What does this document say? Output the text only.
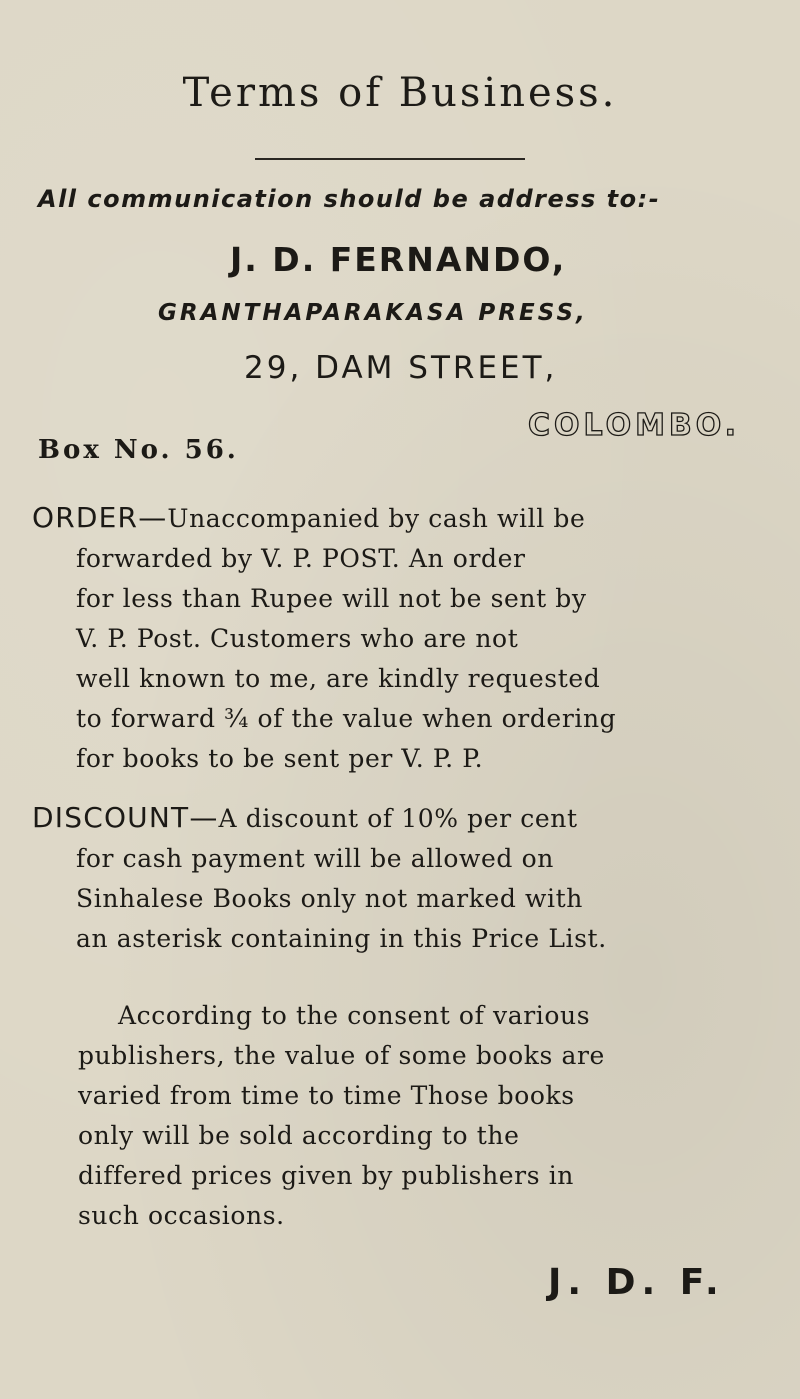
Terms of Business.
All communication should be address to:-
J. D. FERNANDO,
GRANTHAPARAKASA PRESS,
29, DAM STREET,
Box No. 56.
COLOMBO.
ORDER—Unaccompanied by cash will be
forwarded by V. P. POST. An order
for less than Rupee will not be sent by
V. P. Post. Customers who are not
well known to me, are kindly requested
to forward ¾ of the value when ordering
for books to be sent per V. P. P.
DISCOUNT—A discount of 10% per cent
for cash payment will be allowed on
Sinhalese Books only not marked with
an asterisk containing in this Price List.
According to the consent of various
publishers, the value of some books are
varied from time to time Those books
only will be sold according to the
differed prices given by publishers in
such occasions.
J. D. F.
